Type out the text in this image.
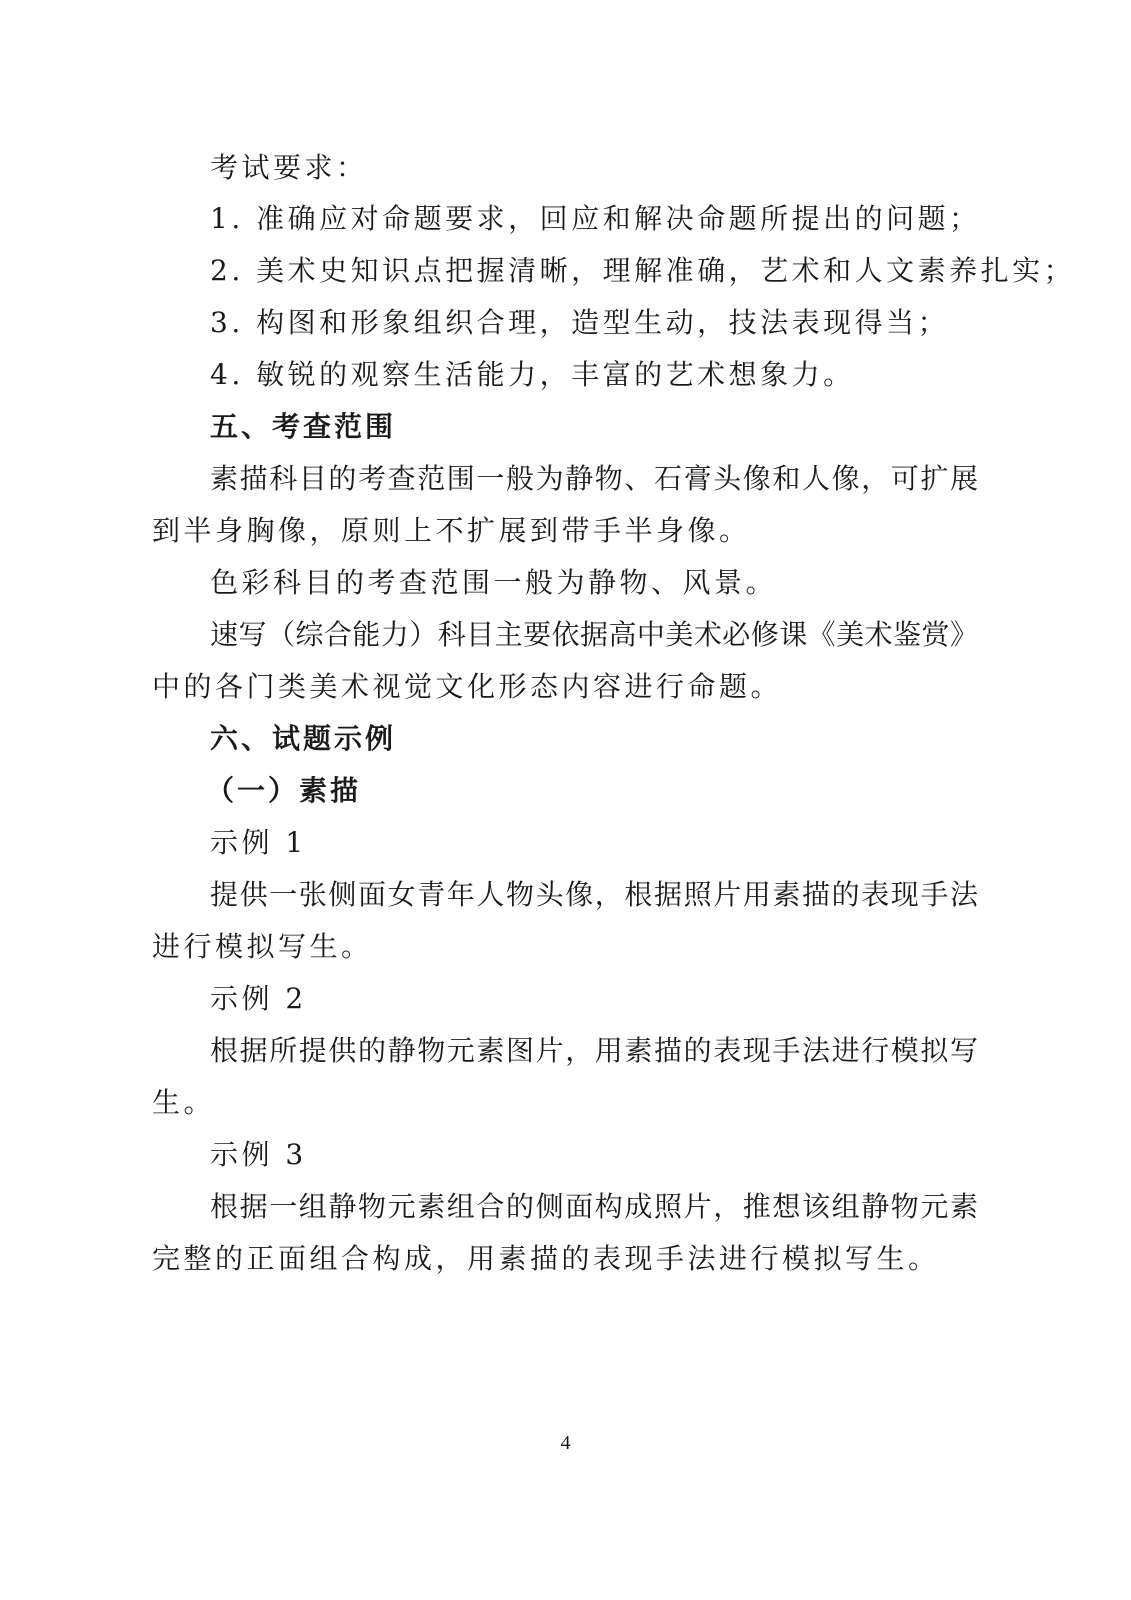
考试要求：
1. 准确应对命题要求，回应和解决命题所提出的问题；
2. 美术史知识点把握清晰，理解准确，艺术和人文素养扎实；
3. 构图和形象组织合理，造型生动，技法表现得当；
4. 敏锐的观察生活能力，丰富的艺术想象力。
五、考查范围
素描科目的考查范围一般为静物、石膏头像和人像，可扩展
到半身胸像，原则上不扩展到带手半身像。
色彩科目的考查范围一般为静物、风景。
速写（综合能力）科目主要依据高中美术必修课《美术鉴赏》
中的各门类美术视觉文化形态内容进行命题。
六、试题示例
（一）素描
示例 1
提供一张侧面女青年人物头像，根据照片用素描的表现手法
进行模拟写生。
示例 2
根据所提供的静物元素图片，用素描的表现手法进行模拟写
生。
示例 3
根据一组静物元素组合的侧面构成照片，推想该组静物元素
完整的正面组合构成，用素描的表现手法进行模拟写生。
4
